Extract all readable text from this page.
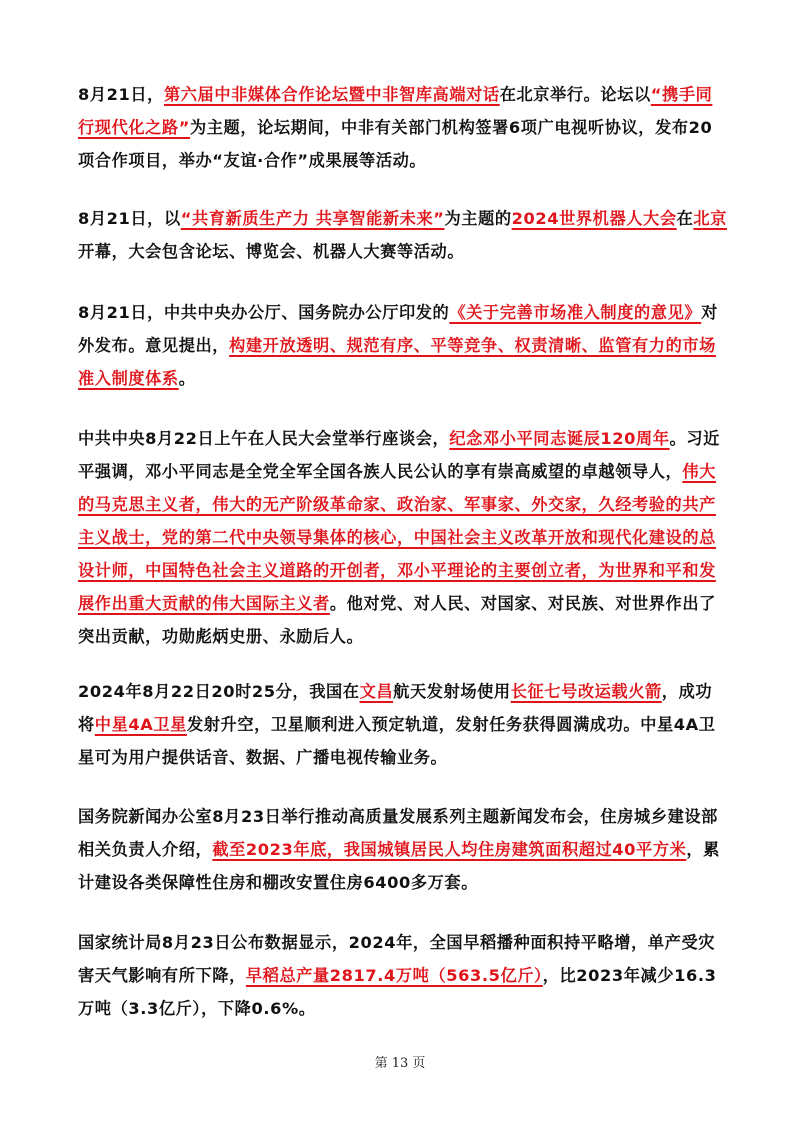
8月21日，第六届中非媒体合作论坛暨中非智库高端对话在北京举行。论坛以“携手同行现代化之路”为主题，论坛期间，中非有关部门机构签署6项广电视听协议，发布20项合作项目，举办“友谊·合作”成果展等活动。

8月21日，以“共育新质生产力 共享智能新未来”为主题的2024世界机器人大会在北京开幕，大会包含论坛、博览会、机器人大赛等活动。

8月21日，中共中央办公厅、国务院办公厅印发的《关于完善市场准入制度的意见》对外发布。意见提出，构建开放透明、规范有序、平等竞争、权责清晰、监管有力的市场准入制度体系。

中共中央8月22日上午在人民大会堂举行座谈会，纪念邓小平同志诞辰120周年。习近平强调，邓小平同志是全党全军全国各族人民公认的享有崇高威望的卓越领导人，伟大的马克思主义者，伟大的无产阶级革命家、政治家、军事家、外交家，久经考验的共产主义战士，党的第二代中央领导集体的核心，中国社会主义改革开放和现代化建设的总设计师，中国特色社会主义道路的开创者，邓小平理论的主要创立者，为世界和平和发展作出重大贡献的伟大国际主义者。他对党、对人民、对国家、对民族、对世界作出了突出贡献，功勋彪炳史册、永励后人。

2024年8月22日20时25分，我国在文昌航天发射场使用长征七号改运载火箭，成功将中星4A卫星发射升空，卫星顺利进入预定轨道，发射任务获得圆满成功。中星4A卫星可为用户提供话音、数据、广播电视传输业务。

国务院新闻办公室8月23日举行推动高质量发展系列主题新闻发布会，住房城乡建设部相关负责人介绍，截至2023年底，我国城镇居民人均住房建筑面积超过40平方米，累计建设各类保障性住房和棚改安置住房6400多万套。

国家统计局8月23日公布数据显示，2024年，全国早稻播种面积持平略增，单产受灾害天气影响有所下降，早稻总产量2817.4万吨（563.5亿斤），比2023年减少16.3万吨（3.3亿斤），下降0.6%。

第 13 页
